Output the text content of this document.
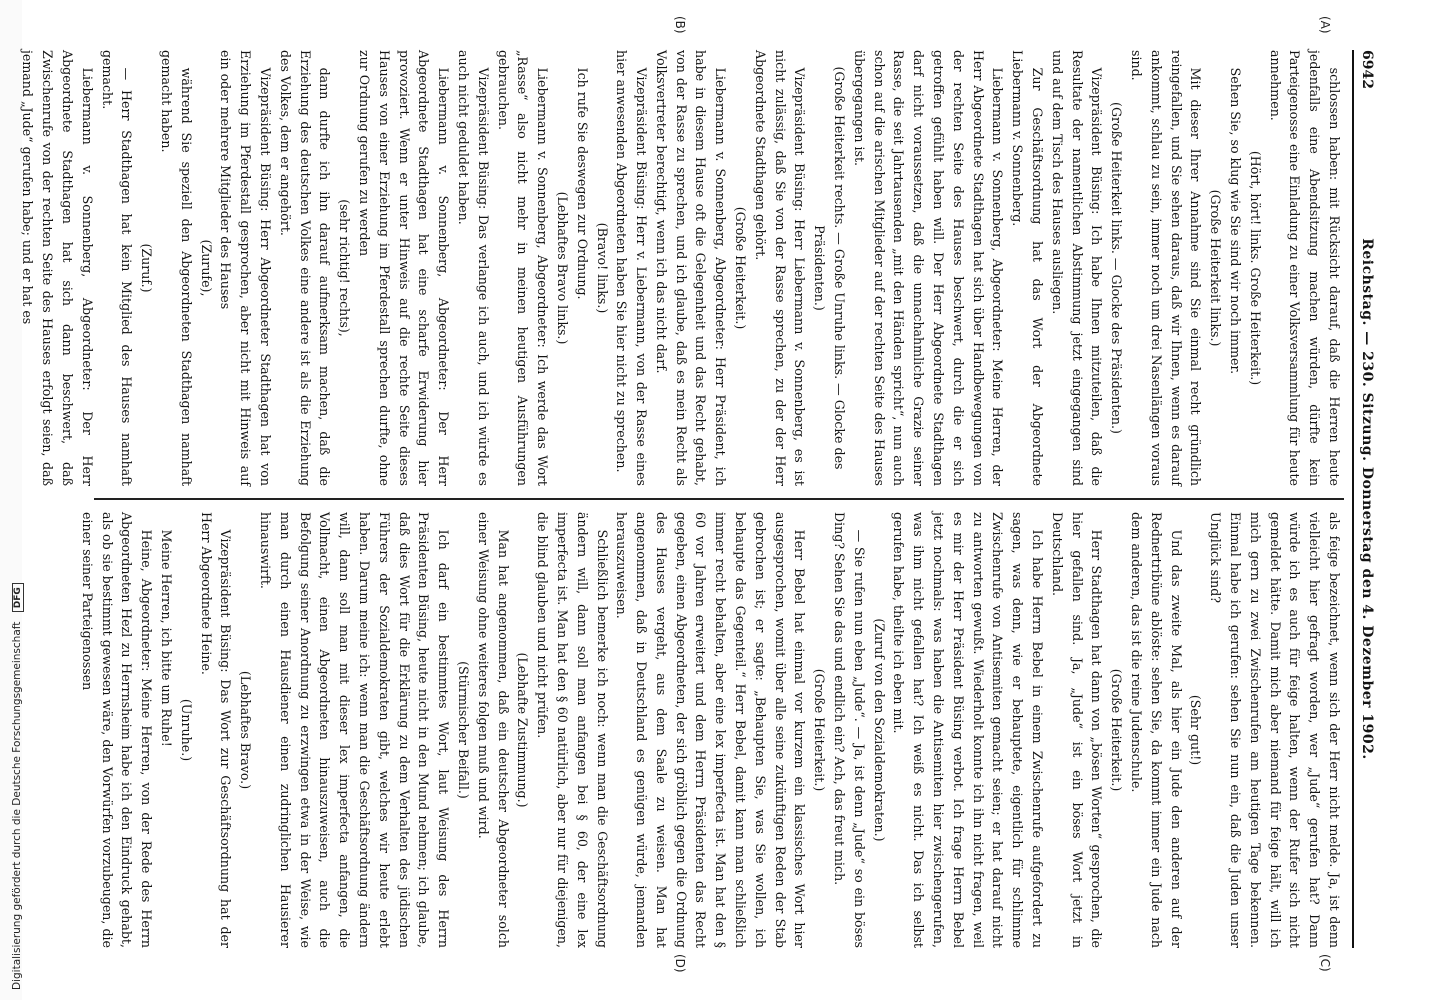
Digitalisierung gefördert durch die Deutsche Forschungsgemeinschaft DFG
6942
Reichstag. — 230. Sitzung. Donnerstag den 4. Dezember 1902.
(A)
(B)
(C)
(D)

schlossen haben: mit Rücksicht darauf, daß die Herren heute jedenfalls eine Abendsitzung machen würden, dürfte kein Parteigenosse eine Einladung zu einer Volksversammlung für heute annehmen.

(Hört, hört! links. Große Heiterkeit.)

Sehen Sie, so klug wie Sie sind wir noch immer.

(Große Heiterkeit links.)

Mit dieser Ihrer Annahme sind Sie einmal recht gründlich reingefallen, und Sie sehen daraus, daß wir Ihnen, wenn es darauf ankommt, schlau zu sein, immer noch um drei Nasenlängen voraus sind.

(Große Heiterkeit links. — Glocke des Präsidenten.)

Vizepräsident Büsing: Ich habe Ihnen mitzuteilen, daß die Resultate der namentlichen Abstimmung jetzt eingegangen sind und auf dem Tisch des Hauses ausliegen.

Zur Geschäftsordnung hat das Wort der Abgeordnete Liebermann v. Sonnenberg.

Liebermann v. Sonnenberg, Abgeordneter: Meine Herren, der Herr Abgeordnete Stadthagen hat sich über Handbewegungen von der rechten Seite des Hauses beschwert, durch die er sich getroffen gefühlt haben will. Der Herr Abgeordnete Stadthagen darf nicht voraussetzen, daß die unnachahmliche Grazie seiner Rasse, die seit Jahrtausenden „mit den Händen spricht“, nun auch schon auf die arischen Mitglieder auf der rechten Seite des Hauses übergegangen ist.

(Große Heiterkeit rechts. — Große Unruhe links. — Glocke des Präsidenten.)

Vizepräsident Büsing: Herr Liebermann v. Sonnenberg, es ist nicht zulässig, daß Sie von der Rasse sprechen, zu der der Herr Abgeordnete Stadthagen gehört.

(Große Heiterkeit.)

Liebermann v. Sonnenberg, Abgeordneter: Herr Präsident, ich habe in diesem Hause oft die Gelegenheit und das Recht gehabt, von der Rasse zu sprechen, und ich glaube, daß es mein Recht als Volksvertreter berechtigt, wenn ich das nicht darf.

Vizepräsident Büsing: Herr v. Liebermann, von der Rasse eines hier anwesenden Abgeordneten haben Sie hier nicht zu sprechen.

(Bravo! links.)

Ich rufe Sie deswegen zur Ordnung.

(Lebhaftes Bravo links.)

Liebermann v. Sonnenberg, Abgeordneter: Ich werde das Wort „Rasse“ also nicht mehr in meinen heutigen Ausführungen gebrauchen.

Vizepräsident Büsing: Das verlange ich auch, und ich würde es auch nicht geduldet haben.

Liebermann v. Sonnenberg, Abgeordneter: Der Herr Abgeordnete Stadthagen hat eine scharfe Erwiderung hier provoziert. Wenn er unter Hinweis auf die rechte Seite dieses Hauses von einer Erziehung im Pferdestall sprechen durfte, ohne zur Ordnung gerufen zu werden

(sehr richtig! rechts),

dann durfte ich ihn darauf aufmerksam machen, daß die Erziehung des deutschen Volkes eine andere ist als die Erziehung des Volkes, dem er angehört.

Vizepräsident Büsing: Herr Abgeordneter Stadthagen hat von Erziehung im Pferdestall gesprochen, aber nicht mit Hinweis auf ein oder mehrere Mitglieder des Hauses

(Zurufe),

während Sie speziell den Abgeordneten Stadthagen namhaft gemacht haben.

(Zuruf.)

— Herr Stadthagen hat kein Mitglied des Hauses namhaft gemacht.

Liebermann v. Sonnenberg, Abgeordneter: Der Herr Abgeordnete Stadthagen hat sich dann beschwert, daß Zwischenrufe von der rechten Seite des Hauses erfolgt seien, daß jemand „Jude“ gerufen habe; und er hat es

als feige bezeichnet, wenn sich der Herr nicht melde. Ja, ist denn vielleicht hier gefragt worden, wer „Jude“ gerufen hat? Dann würde ich es auch für feige halten, wenn der Rufer sich nicht gemeldet hätte. Damit mich aber niemand für feige hält, will ich mich gern zu zwei Zwischenrufen am heutigen Tage bekennen. Einmal habe ich gerufen: sehen Sie nun ein, daß die Juden unser Unglück sind?

(Sehr gut!)

Und das zweite Mal, als hier ein Jude den anderen auf der Rednertribüne ablöste: sehen Sie, da kommt immer ein Jude nach dem anderen, das ist die reine Judenschule.

(Große Heiterkeit.)

Herr Stadthagen hat dann von „bösen Worten“ gesprochen, die hier gefallen sind. Ja, „Jude“ ist ein böses Wort jetzt in Deutschland.

Ich habe Herrn Bebel in einem Zwischenrufe aufgefordert zu sagen, was denn, wie er behauptete, eigentlich für schlimme Zwischenrufe von Antisemiten gemacht seien; er hat darauf nicht zu antworten gewußt. Wiederholt konnte ich ihn nicht fragen, weil es mir der Herr Präsident Büsing verbot. Ich frage Herrn Bebel jetzt nochmals: was haben die Antisemiten hier zwischengerufen, was ihm nicht gefallen hat? Ich weiß es nicht. Das ich selbst gerufen habe, theilte ich eben mit.

(Zuruf von den Sozialdemokraten.)

— Sie rufen nun eben „Jude“. — Ja, ist denn „Jude“ so ein böses Ding? Sehen Sie das und endlich ein? Ach, das freut mich.

(Große Heiterkeit.)

Herr Bebel hat einmal vor kurzem ein klassisches Wort hier ausgesprochen, womit über alle seine zukünftigen Reden der Stab gebrochen ist; er sagte: „Behaupten Sie, was Sie wollen, ich behaupte das Gegenteil.“ Herr Bebel, damit kann man schließlich immer recht behalten, aber eine lex imperfecta ist. Man hat den § 60 vor Jahren erweitert und dem Herrn Präsidenten das Recht gegeben, einen Abgeordneten, der sich gröblich gegen die Ordnung des Hauses vergeht, aus dem Saale zu weisen. Man hat angenommen, daß in Deutschland es genügen würde, jemanden herauszuweisen.

Schließlich bemerke ich noch: wenn man die Geschäftsordnung ändern will, dann soll man anfangen bei § 60, der eine lex imperfecta ist. Man hat den § 60 natürlich, aber nur für diejenigen, die blind glauben und nicht prüfen.

(Lebhafte Zustimmung.)

Man hat angenommen, daß ein deutscher Abgeordneter solch einer Weisung ohne weiteres folgen muß und wird.

(Stürmischer Beifall.)

Ich darf ein bestimmtes Wort, laut Weisung des Herrn Präsidenten Büsing, heute nicht in den Mund nehmen; ich glaube, daß dies Wort für die Erklärung zu dem Verhalten des jüdischen Führers der Sozialdemokraten gibt, welches wir heute erlebt haben. Darum meine ich: wenn man die Geschäftsordnung ändern will, dann soll man mit dieser lex imperfecta anfangen, die Vollmacht, einen Abgeordneten hinauszuweisen, auch die Befolgung seiner Anordnung zu erzwingen etwa in der Weise, wie man durch einen Hausdiener einen zudringlichen Hausierer hinauswirft.

(Lebhaftes Bravo.)

Vizepräsident Büsing: Das Wort zur Geschäftsordnung hat der Herr Abgeordnete Heine.

(Unruhe.)

Meine Herren, ich bitte um Ruhe!

Heine, Abgeordneter: Meine Herren, von der Rede des Herrn Abgeordneten Hezl zu Herrnsheim habe ich den Eindruck gehabt, als ob sie bestimmt gewesen wäre, den Vorwürfen vorzubeugen, die einer seiner Parteigenossen
